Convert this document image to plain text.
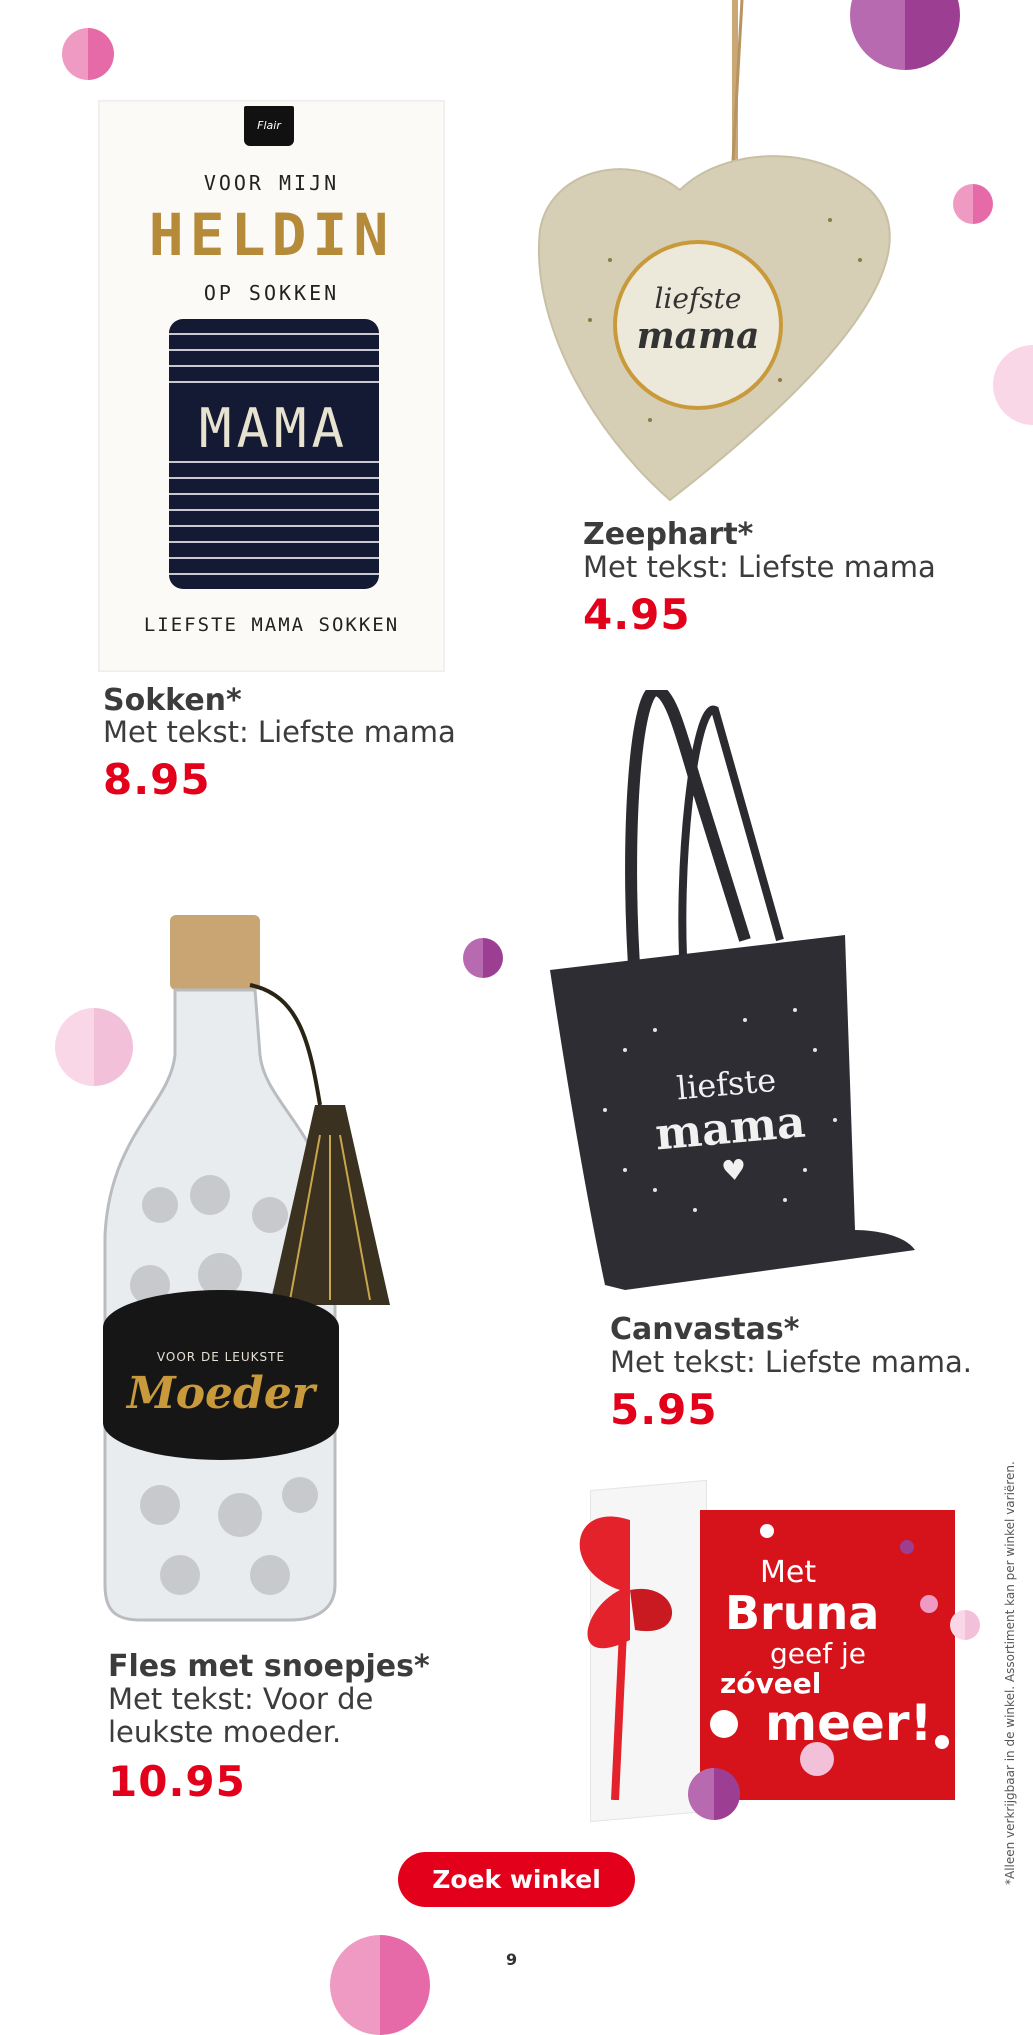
Flair
VOOR MIJN
HELDIN
OP SOKKEN
MAMA
LIEFSTE MAMA SOKKEN
Sokken*
Met tekst: Liefste mama
8.95
liefste
mama
Zeephart*
Met tekst: Liefste mama
4.95
liefste
mama
♥
Canvastas*
Met tekst: Liefste mama.
5.95
VOOR DE LEUKSTE
Moeder
Fles met snoepjes*
Met tekst: Voor de
leukste moeder.
10.95
Met
Bruna
geef je
zóveel
meer!
Zoek winkel
9
*Alleen verkrijgbaar in de winkel. Assortiment kan per winkel variëren.
